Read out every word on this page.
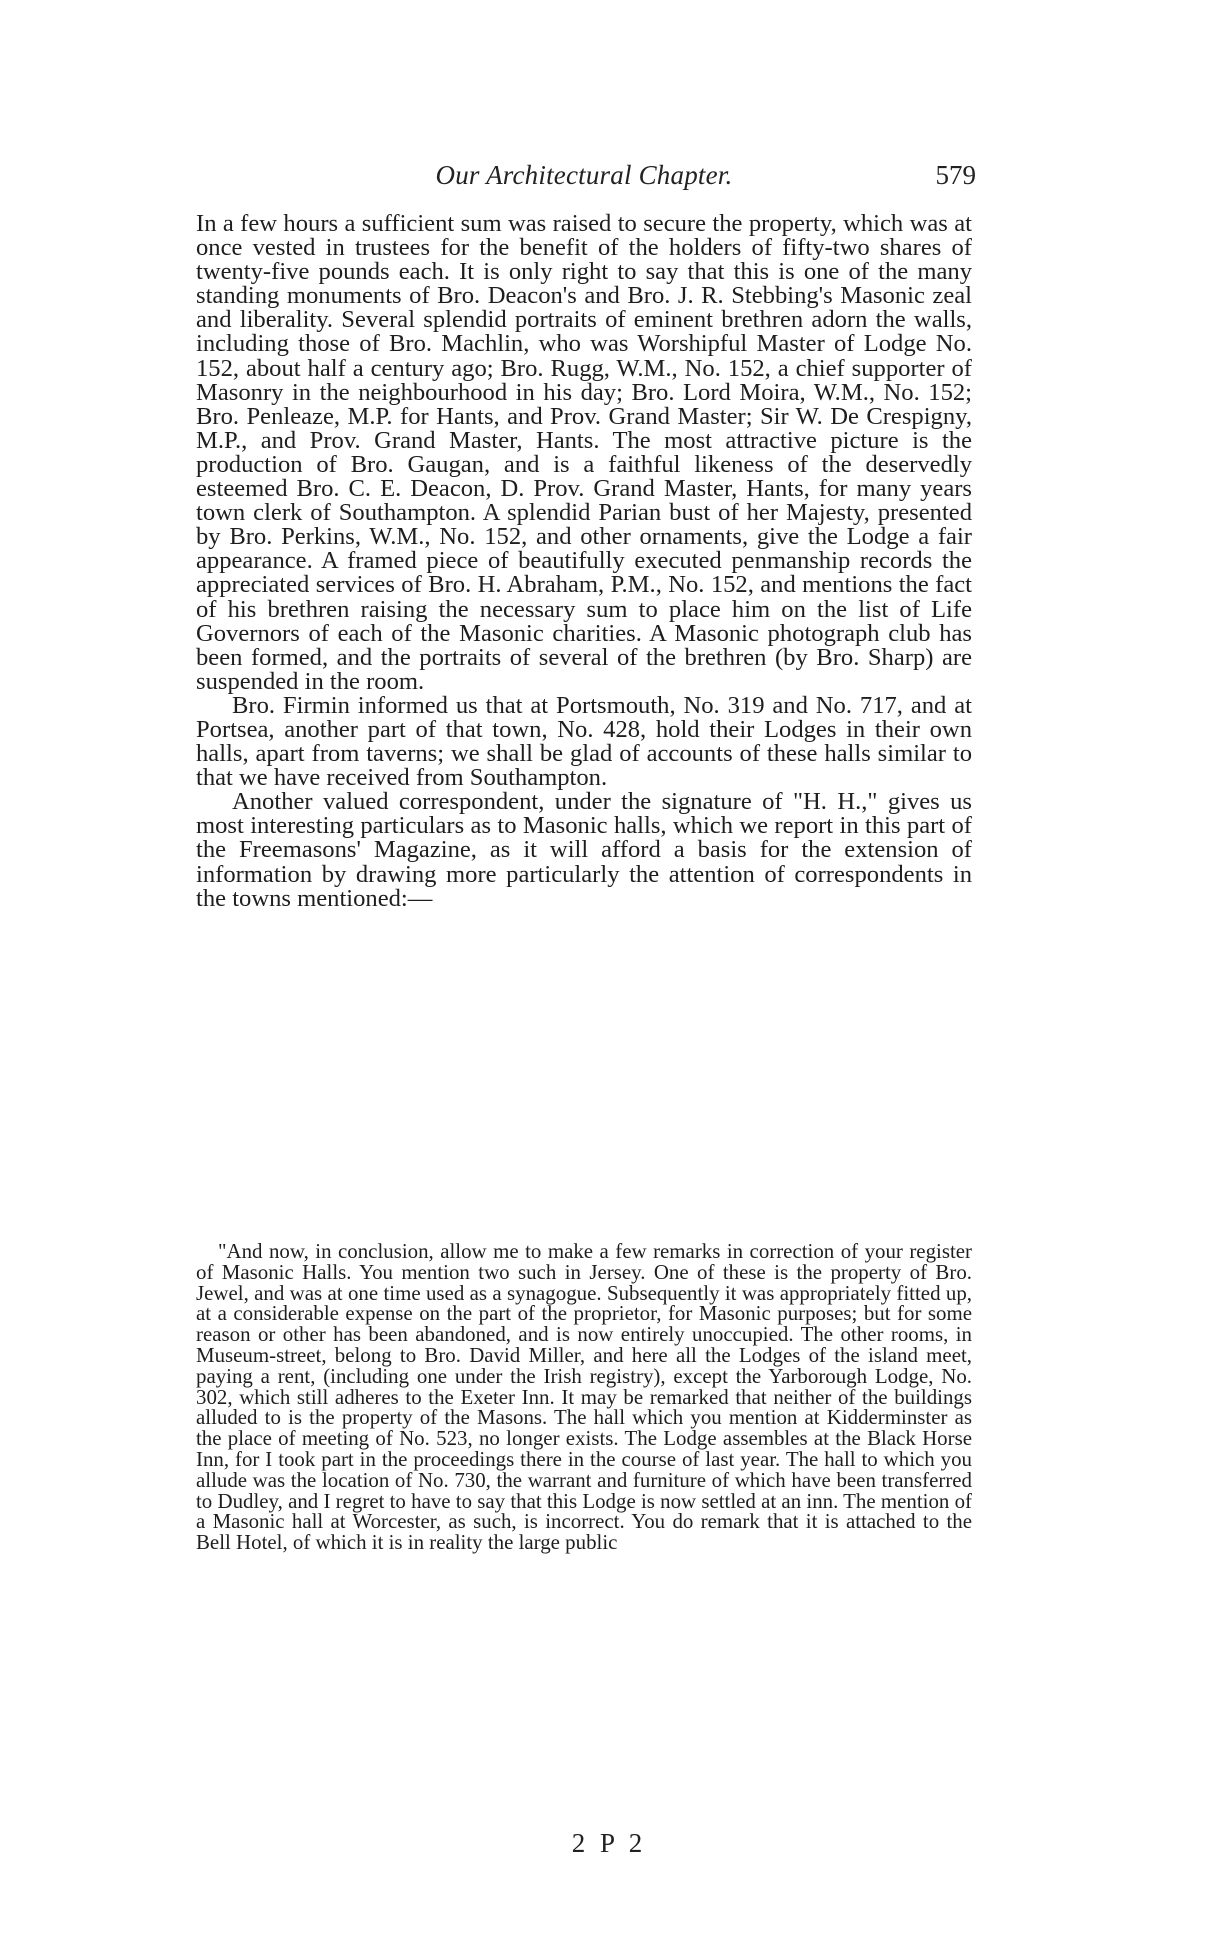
Our Architectural Chapter.	579

In a few hours a sufficient sum was raised to secure the property, which was at once vested in trustees for the benefit of the holders of fifty-two shares of twenty-five pounds each. It is only right to say that this is one of the many standing monuments of Bro. Deacon's and Bro. J. R. Stebbing's Masonic zeal and liberality. Several splendid portraits of eminent brethren adorn the walls, including those of Bro. Machlin, who was Worshipful Master of Lodge No. 152, about half a century ago; Bro. Rugg, W.M., No. 152, a chief supporter of Masonry in the neighbourhood in his day; Bro. Lord Moira, W.M., No. 152; Bro. Penleaze, M.P. for Hants, and Prov. Grand Master; Sir W. De Crespigny, M.P., and Prov. Grand Master, Hants. The most attractive picture is the production of Bro. Gaugan, and is a faithful likeness of the deservedly esteemed Bro. C. E. Deacon, D. Prov. Grand Master, Hants, for many years town clerk of Southampton. A splendid Parian bust of her Majesty, presented by Bro. Perkins, W.M., No. 152, and other ornaments, give the Lodge a fair appearance. A framed piece of beautifully executed penmanship records the appreciated services of Bro. H. Abraham, P.M., No. 152, and mentions the fact of his brethren raising the necessary sum to place him on the list of Life Governors of each of the Masonic charities. A Masonic photograph club has been formed, and the portraits of several of the brethren (by Bro. Sharp) are suspended in the room.

Bro. Firmin informed us that at Portsmouth, No. 319 and No. 717, and at Portsea, another part of that town, No. 428, hold their Lodges in their own halls, apart from taverns; we shall be glad of accounts of these halls similar to that we have received from Southampton.

Another valued correspondent, under the signature of "H. H.," gives us most interesting particulars as to Masonic halls, which we report in this part of the Freemasons' Magazine, as it will afford a basis for the extension of information by drawing more particularly the attention of correspondents in the towns mentioned:—

"And now, in conclusion, allow me to make a few remarks in correction of your register of Masonic Halls. You mention two such in Jersey. One of these is the property of Bro. Jewel, and was at one time used as a synagogue. Subsequently it was appropriately fitted up, at a considerable expense on the part of the proprietor, for Masonic purposes; but for some reason or other has been abandoned, and is now entirely unoccupied. The other rooms, in Museum-street, belong to Bro. David Miller, and here all the Lodges of the island meet, paying a rent, (including one under the Irish registry), except the Yarborough Lodge, No. 302, which still adheres to the Exeter Inn. It may be remarked that neither of the buildings alluded to is the property of the Masons. The hall which you mention at Kidderminster as the place of meeting of No. 523, no longer exists. The Lodge assembles at the Black Horse Inn, for I took part in the proceedings there in the course of last year. The hall to which you allude was the location of No. 730, the warrant and furniture of which have been transferred to Dudley, and I regret to have to say that this Lodge is now settled at an inn. The mention of a Masonic hall at Worcester, as such, is incorrect. You do remark that it is attached to the Bell Hotel, of which it is in reality the large public

2 P 2
